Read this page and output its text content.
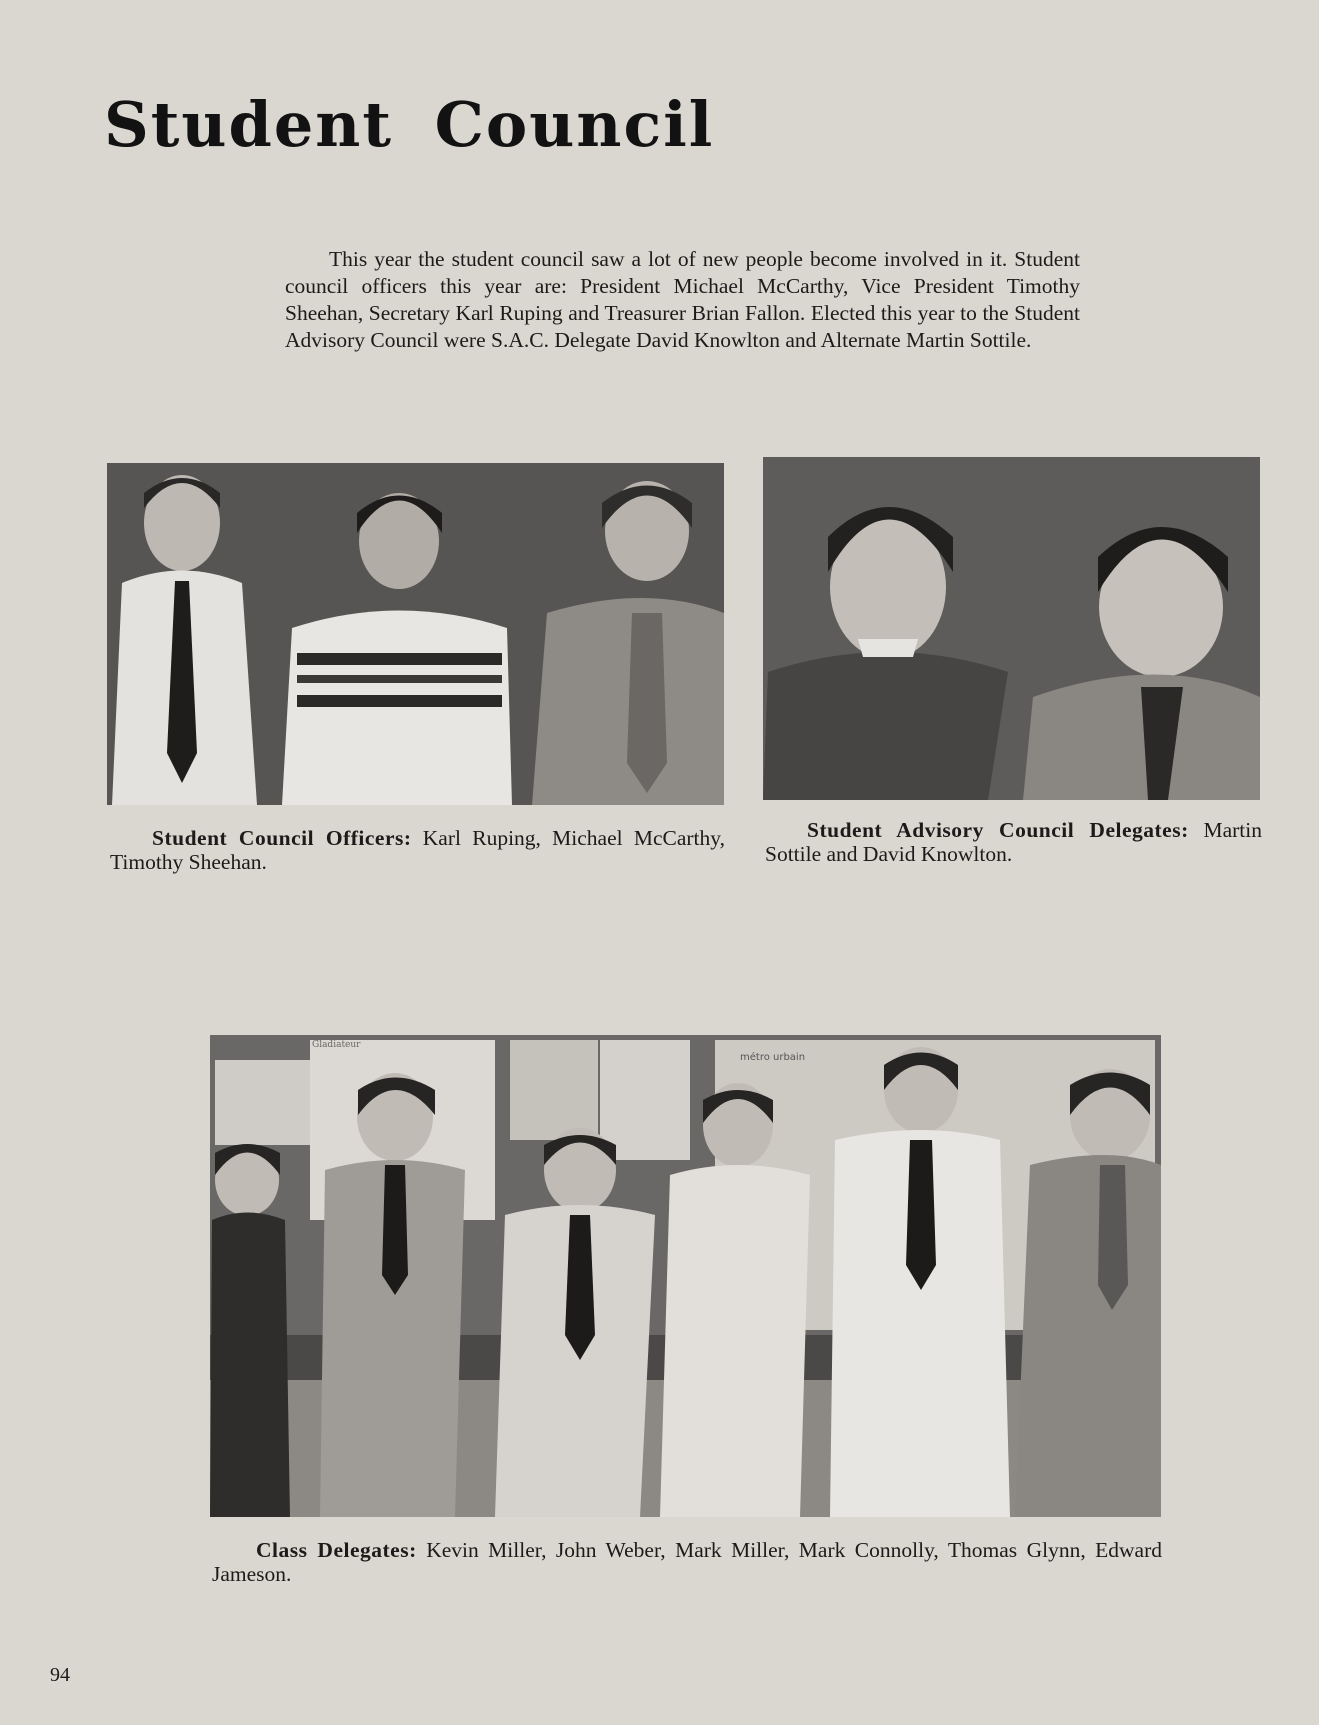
Student Council

This year the student council saw a lot of new people become involved in it. Student council officers this year are: President Michael McCarthy, Vice President Timothy Sheehan, Secretary Karl Ruping and Treasurer Brian Fallon. Elected this year to the Student Advisory Council were S.A.C. Delegate David Knowlton and Alternate Martin Sottile.

métro urbain
Gladiateur

Student Council Officers: Karl Ruping, Michael McCarthy, Timothy Sheehan.

Student Advisory Council Delegates: Martin Sottile and David Knowlton.

Class Delegates: Kevin Miller, John Weber, Mark Miller, Mark Connolly, Thomas Glynn, Edward Jameson.

94
